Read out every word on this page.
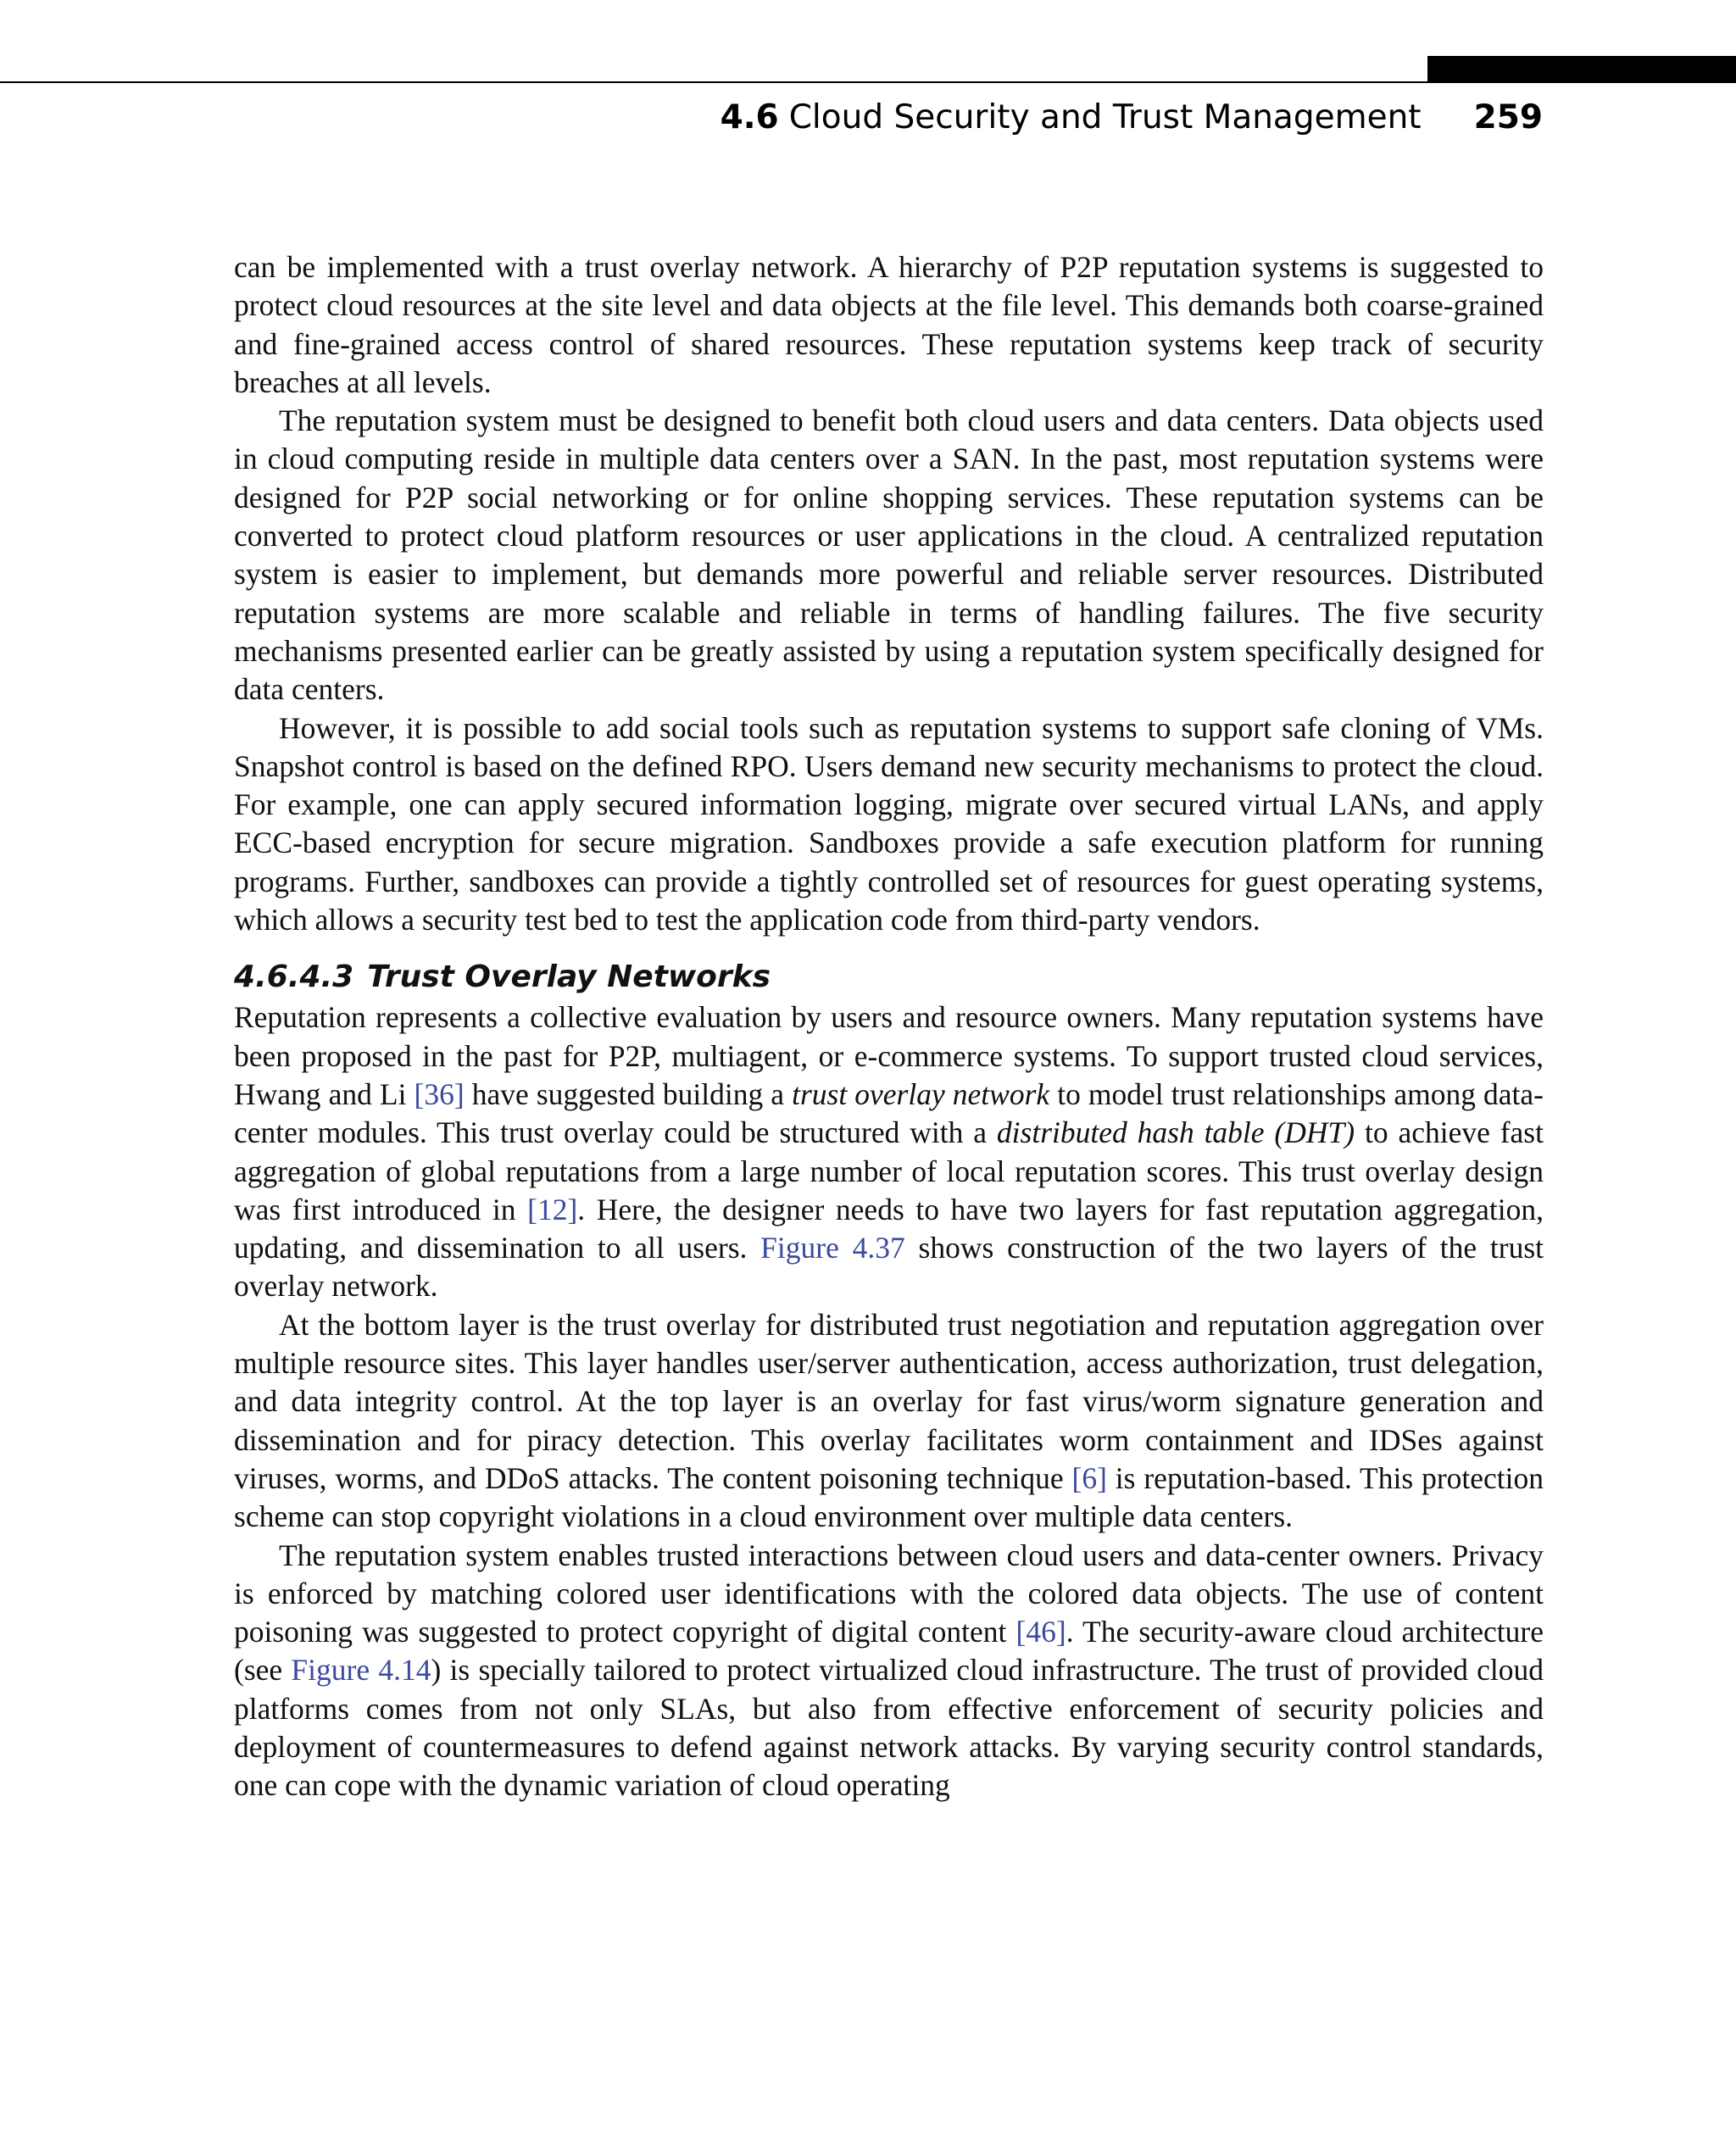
4.6 Cloud Security and Trust Management 259

can be implemented with a trust overlay network. A hierarchy of P2P reputation systems is suggested to protect cloud resources at the site level and data objects at the file level. This demands both coarse-grained and fine-grained access control of shared resources. These reputation systems keep track of security breaches at all levels.

The reputation system must be designed to benefit both cloud users and data centers. Data objects used in cloud computing reside in multiple data centers over a SAN. In the past, most reputation systems were designed for P2P social networking or for online shopping services. These reputation systems can be converted to protect cloud platform resources or user applications in the cloud. A centralized reputation system is easier to implement, but demands more powerful and reliable server resources. Distributed reputation systems are more scalable and reliable in terms of handling failures. The five security mechanisms presented earlier can be greatly assisted by using a reputation system specifically designed for data centers.

However, it is possible to add social tools such as reputation systems to support safe cloning of VMs. Snapshot control is based on the defined RPO. Users demand new security mechanisms to protect the cloud. For example, one can apply secured information logging, migrate over secured virtual LANs, and apply ECC-based encryption for secure migration. Sandboxes provide a safe execution platform for running programs. Further, sandboxes can provide a tightly controlled set of resources for guest operating systems, which allows a security test bed to test the application code from third-party vendors.

4.6.4.3 Trust Overlay Networks

Reputation represents a collective evaluation by users and resource owners. Many reputation systems have been proposed in the past for P2P, multiagent, or e-commerce systems. To support trusted cloud services, Hwang and Li [36] have suggested building a trust overlay network to model trust relationships among data-center modules. This trust overlay could be structured with a distributed hash table (DHT) to achieve fast aggregation of global reputations from a large number of local reputation scores. This trust overlay design was first introduced in [12]. Here, the designer needs to have two layers for fast reputation aggregation, updating, and dissemination to all users. Figure 4.37 shows construction of the two layers of the trust overlay network.

At the bottom layer is the trust overlay for distributed trust negotiation and reputation aggregation over multiple resource sites. This layer handles user/server authentication, access authorization, trust delegation, and data integrity control. At the top layer is an overlay for fast virus/worm signature generation and dissemination and for piracy detection. This overlay facilitates worm containment and IDSes against viruses, worms, and DDoS attacks. The content poisoning technique [6] is reputation-based. This protection scheme can stop copyright violations in a cloud environment over multiple data centers.

The reputation system enables trusted interactions between cloud users and data-center owners. Privacy is enforced by matching colored user identifications with the colored data objects. The use of content poisoning was suggested to protect copyright of digital content [46]. The security-aware cloud architecture (see Figure 4.14) is specially tailored to protect virtualized cloud infrastructure. The trust of provided cloud platforms comes from not only SLAs, but also from effective enforcement of security policies and deployment of countermeasures to defend against network attacks. By varying security control standards, one can cope with the dynamic variation of cloud operating
